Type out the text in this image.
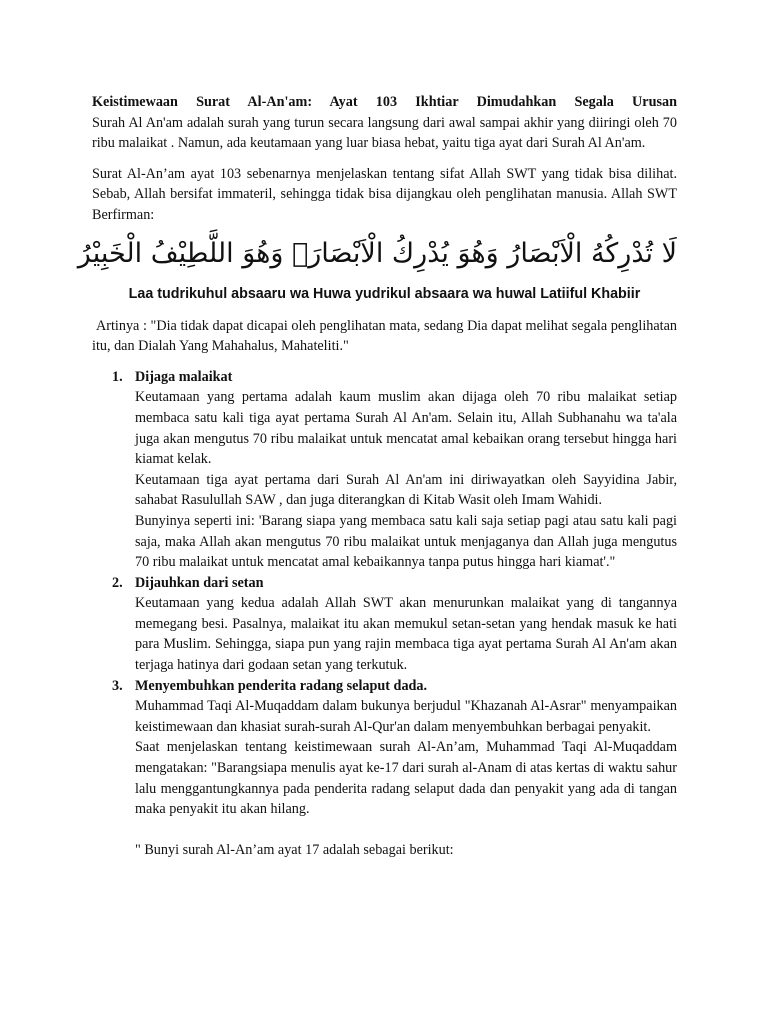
Keistimewaan Surat Al-An'am: Ayat 103 Ikhtiar Dimudahkan Segala Urusan
Surah Al An'am adalah surah yang turun secara langsung dari awal sampai akhir yang diiringi oleh 70 ribu malaikat . Namun, ada keutamaan yang luar biasa hebat, yaitu tiga ayat dari Surah Al An'am.

Surat Al-An’am ayat 103 sebenarnya menjelaskan tentang sifat Allah SWT yang tidak bisa dilihat. Sebab, Allah bersifat immateril, sehingga tidak bisa dijangkau oleh penglihatan manusia. Allah SWT Berfirman:

لَا تُدْرِكُهُ الْاَبْصَارُ وَهُوَ يُدْرِكُ الْاَبْصَارَۚ وَهُوَ اللَّطِيْفُ الْخَبِيْرُ
Laa tudrikuhul absaaru wa Huwa yudrikul absaara wa huwal Latiiful Khabiir

Artinya : "Dia tidak dapat dicapai oleh penglihatan mata, sedang Dia dapat melihat segala penglihatan itu, dan Dialah Yang Mahahalus, Mahateliti."

1. Dijaga malaikat

Keutamaan yang pertama adalah kaum muslim akan dijaga oleh 70 ribu malaikat setiap membaca satu kali tiga ayat pertama Surah Al An'am. Selain itu, Allah Subhanahu wa ta'ala juga akan mengutus 70 ribu malaikat untuk mencatat amal kebaikan orang tersebut hingga hari kiamat kelak.

Keutamaan tiga ayat pertama dari Surah Al An'am ini diriwayatkan oleh Sayyidina Jabir, sahabat Rasulullah SAW , dan juga diterangkan di Kitab Wasit oleh Imam Wahidi.

Bunyinya seperti ini: 'Barang siapa yang membaca satu kali saja setiap pagi atau satu kali pagi saja, maka Allah akan mengutus 70 ribu malaikat untuk menjaganya dan Allah juga mengutus 70 ribu malaikat untuk mencatat amal kebaikannya tanpa putus hingga hari kiamat'."

2. Dijauhkan dari setan

Keutamaan yang kedua adalah Allah SWT akan menurunkan malaikat yang di tangannya memegang besi. Pasalnya, malaikat itu akan memukul setan-setan yang hendak masuk ke hati para Muslim. Sehingga, siapa pun yang rajin membaca tiga ayat pertama Surah Al An'am akan terjaga hatinya dari godaan setan yang terkutuk.

3. Menyembuhkan penderita radang selaput dada.

Muhammad Taqi Al-Muqaddam dalam bukunya berjudul "Khazanah Al-Asrar" menyampaikan keistimewaan dan khasiat surah-surah Al-Qur'an dalam menyembuhkan berbagai penyakit.

Saat menjelaskan tentang keistimewaan surah Al-An’am, Muhammad Taqi Al-Muqaddam mengatakan: "Barangsiapa menulis ayat ke-17 dari surah al-Anam di atas kertas di waktu sahur lalu menggantungkannya pada penderita radang selaput dada dan penyakit yang ada di tangan maka penyakit itu akan hilang.

" Bunyi surah Al-An’am ayat 17 adalah sebagai berikut:
